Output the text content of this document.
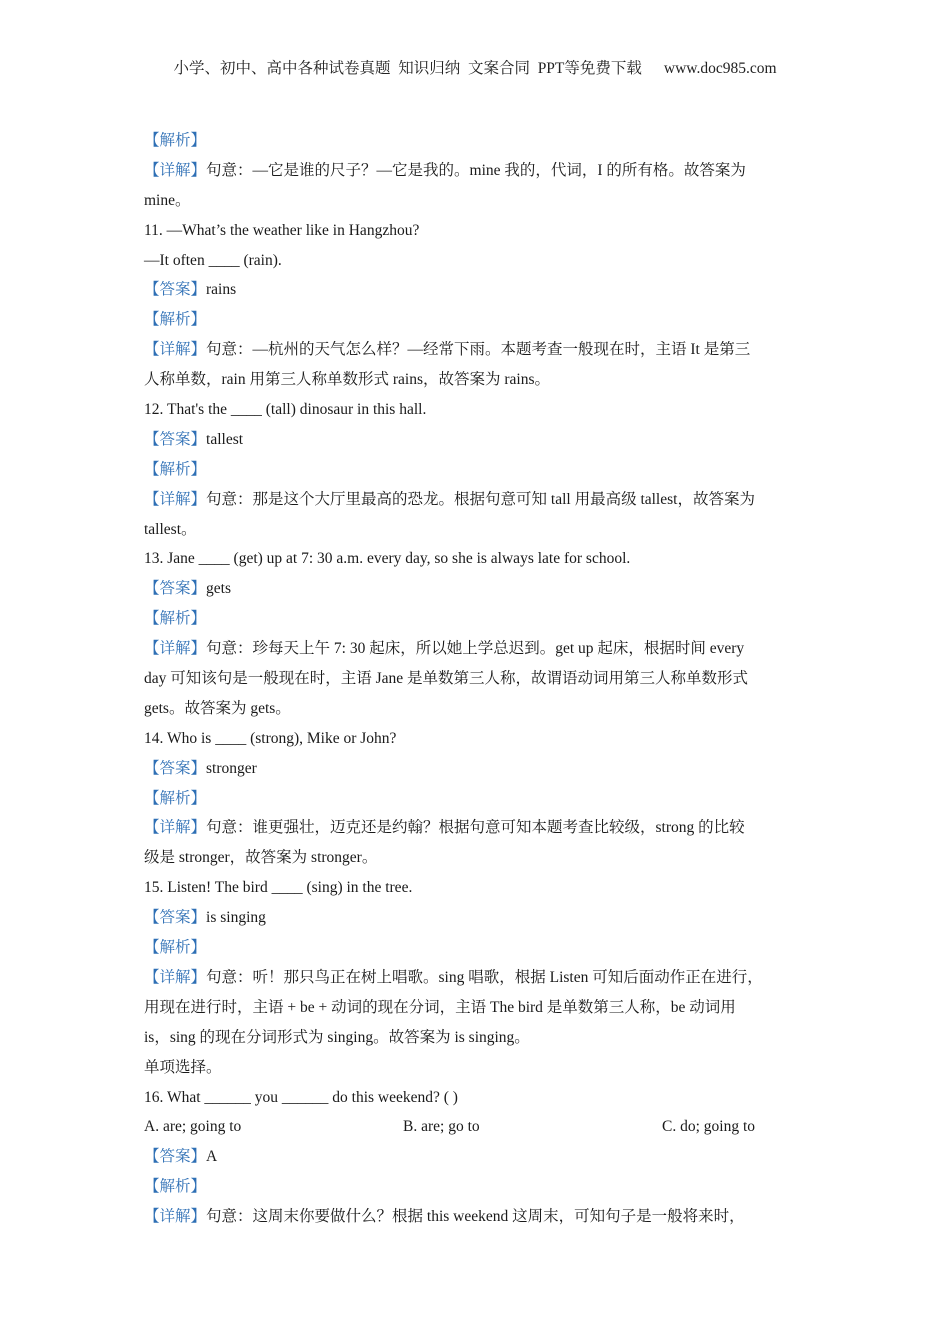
小学、初中、高中各种试卷真题  知识归纳  文案合同  PPT等免费下载 www.doc985.com
【解析】
【详解】句意：—它是谁的尺子？—它是我的。mine 我的，代词，I 的所有格。故答案为
mine。
11. —What’s the weather like in Hangzhou?
—It often ____ (rain).
【答案】rains
【解析】
【详解】句意：—杭州的天气怎么样？—经常下雨。本题考查一般现在时，主语 It 是第三
人称单数，rain 用第三人称单数形式 rains，故答案为 rains。
12. That's the ____ (tall) dinosaur in this hall.
【答案】tallest
【解析】
【详解】句意：那是这个大厅里最高的恐龙。根据句意可知 tall 用最高级 tallest，故答案为
tallest。
13. Jane ____ (get) up at 7: 30 a.m. every day, so she is always late for school.
【答案】gets
【解析】
【详解】句意：珍每天上午 7: 30 起床，所以她上学总迟到。get up 起床，根据时间 every
day 可知该句是一般现在时，主语 Jane 是单数第三人称，故谓语动词用第三人称单数形式
gets。故答案为 gets。
14. Who is ____ (strong), Mike or John?
【答案】stronger
【解析】
【详解】句意：谁更强壮，迈克还是约翰？根据句意可知本题考查比较级，strong 的比较
级是 stronger，故答案为 stronger。
15. Listen! The bird ____ (sing) in the tree.
【答案】is singing
【解析】
【详解】句意：听！那只鸟正在树上唱歌。sing 唱歌，根据 Listen 可知后面动作正在进行，
用现在进行时，主语 + be + 动词的现在分词，主语 The bird 是单数第三人称，be 动词用
is，sing 的现在分词形式为 singing。故答案为 is singing。
单项选择。
16. What ______ you ______ do this weekend? ( )
A. are; going to	B. are; go to	C. do; going to
【答案】A
【解析】
【详解】句意：这周末你要做什么？根据 this weekend 这周末，可知句子是一般将来时，
